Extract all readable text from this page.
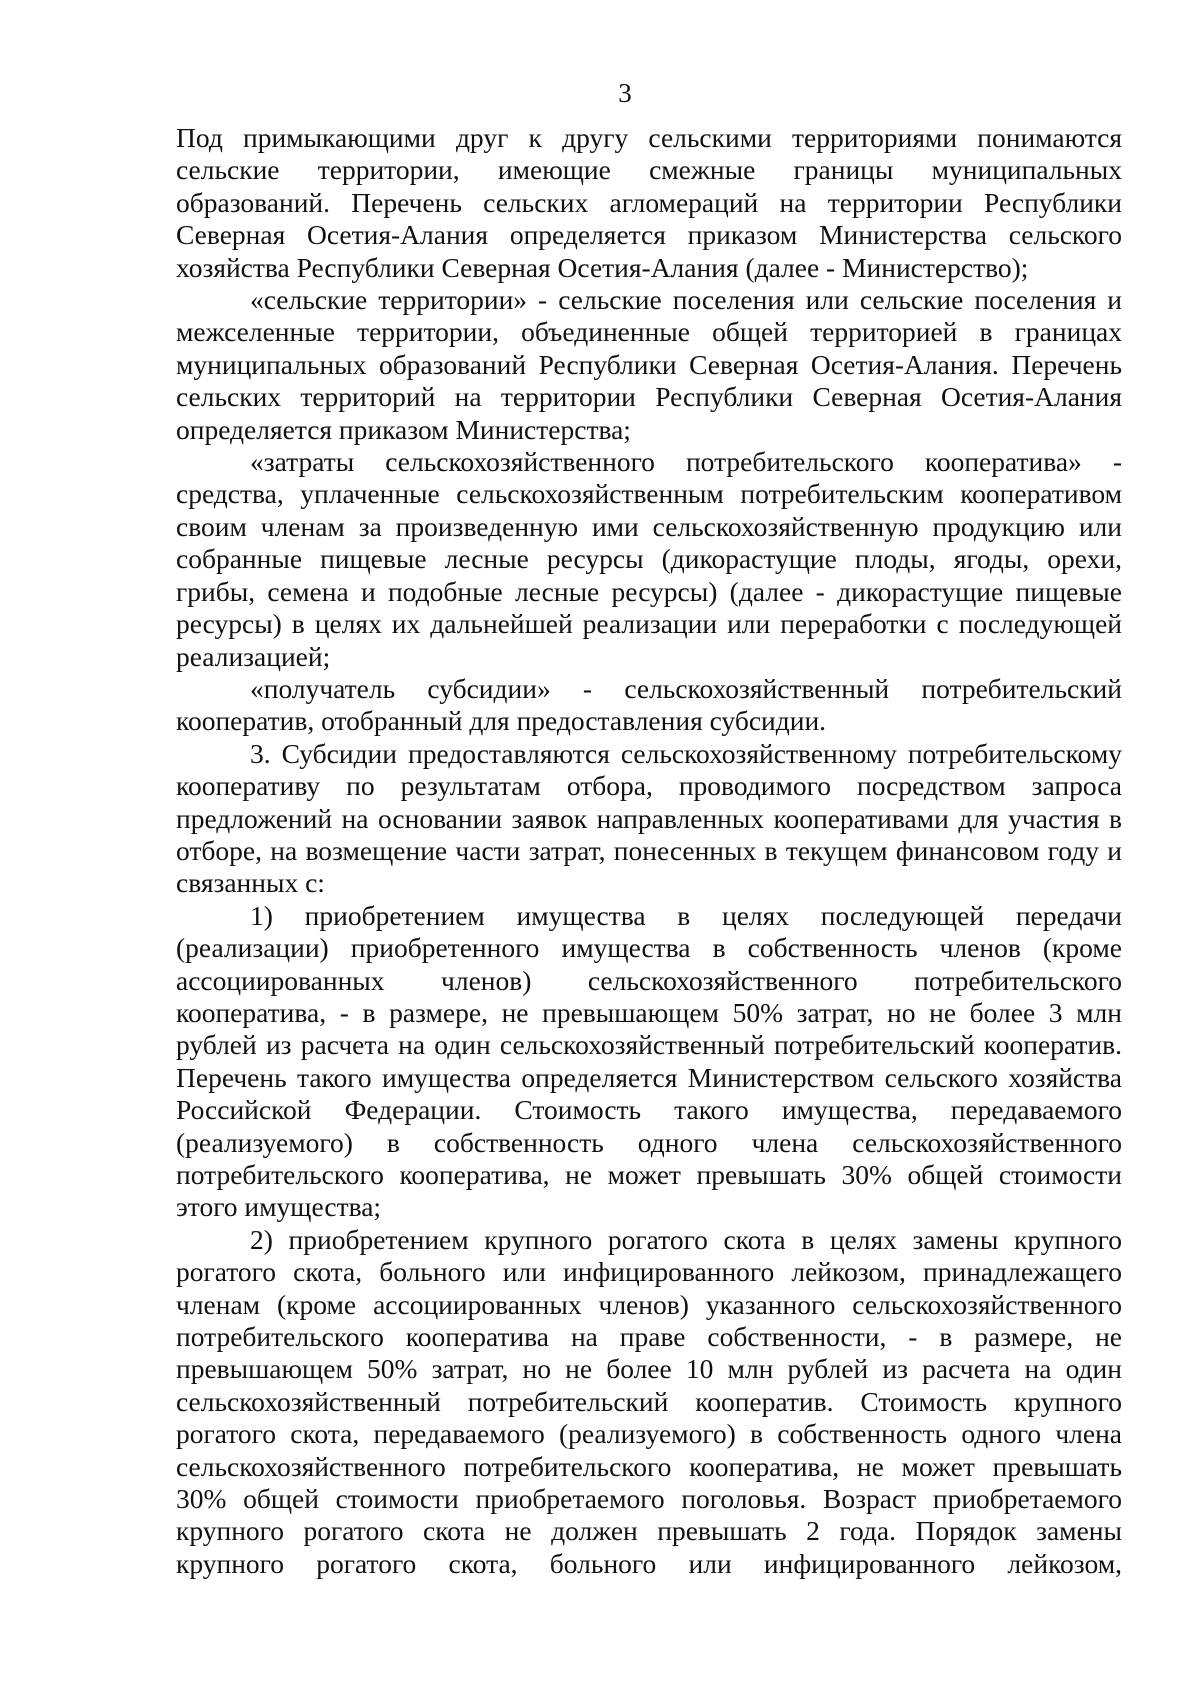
3

Под примыкающими друг к другу сельскими территориями понимаются сельские территории, имеющие смежные границы муниципальных образований. Перечень сельских агломераций на территории Республики Северная Осетия-Алания определяется приказом Министерства сельского хозяйства Республики Северная Осетия-Алания (далее - Министерство);

«сельские территории» - сельские поселения или сельские поселения и межселенные территории, объединенные общей территорией в границах муниципальных образований Республики Северная Осетия-Алания. Перечень сельских территорий на территории Республики Северная Осетия-Алания определяется приказом Министерства;

«затраты сельскохозяйственного потребительского кооператива» - средства, уплаченные сельскохозяйственным потребительским кооперативом своим членам за произведенную ими сельскохозяйственную продукцию или собранные пищевые лесные ресурсы (дикорастущие плоды, ягоды, орехи, грибы, семена и подобные лесные ресурсы) (далее - дикорастущие пищевые ресурсы) в целях их дальнейшей реализации или переработки с последующей реализацией;

«получатель субсидии» - сельскохозяйственный потребительский кооператив, отобранный для предоставления субсидии.

3. Субсидии предоставляются сельскохозяйственному потребительскому кооперативу по результатам отбора, проводимого посредством запроса предложений на основании заявок направленных кооперативами для участия в отборе, на возмещение части затрат, понесенных в текущем финансовом году и связанных с:

1) приобретением имущества в целях последующей передачи (реализации) приобретенного имущества в собственность членов (кроме ассоциированных членов) сельскохозяйственного потребительского кооператива, - в размере, не превышающем 50% затрат, но не более 3 млн рублей из расчета на один сельскохозяйственный потребительский кооператив. Перечень такого имущества определяется Министерством сельского хозяйства Российской Федерации. Стоимость такого имущества, передаваемого (реализуемого) в собственность одного члена сельскохозяйственного потребительского кооператива, не может превышать 30% общей стоимости этого имущества;

2) приобретением крупного рогатого скота в целях замены крупного рогатого скота, больного или инфицированного лейкозом, принадлежащего членам (кроме ассоциированных членов) указанного сельскохозяйственного потребительского кооператива на праве собственности, - в размере, не превышающем 50% затрат, но не более 10 млн рублей из расчета на один сельскохозяйственный потребительский кооператив. Стоимость крупного рогатого скота, передаваемого (реализуемого) в собственность одного члена сельскохозяйственного потребительского кооператива, не может превышать 30% общей стоимости приобретаемого поголовья. Возраст приобретаемого крупного рогатого скота не должен превышать 2 года. Порядок замены крупного рогатого скота, больного или инфицированного лейкозом,
